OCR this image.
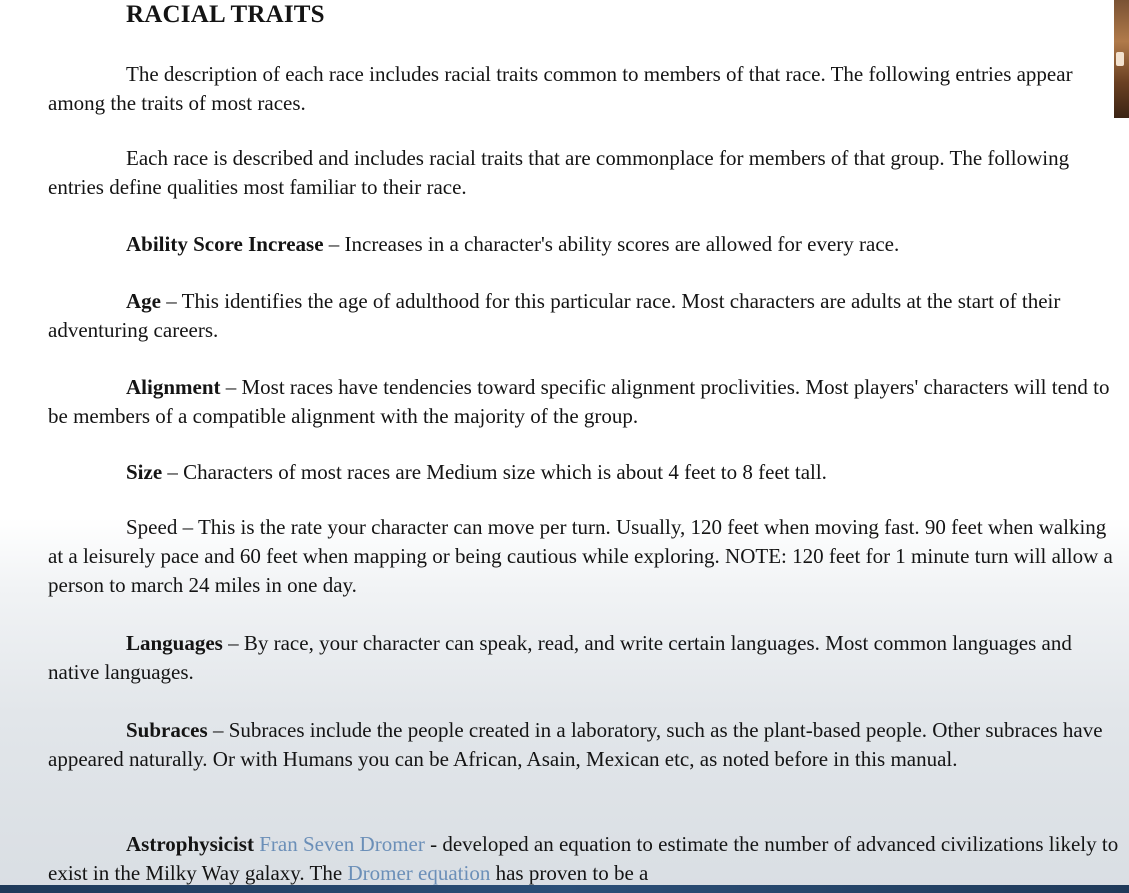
RACIAL TRAITS

The description of each race includes racial traits common to members of that race. The following entries appear among the traits of most races.

Each race is described and includes racial traits that are commonplace for members of that group. The following entries define qualities most familiar to their race.

Ability Score Increase – Increases in a character's ability scores are allowed for every race.

Age – This identifies the age of adulthood for this particular race. Most characters are adults at the start of their adventuring careers.

Alignment – Most races have tendencies toward specific alignment proclivities. Most players' characters will tend to be members of a compatible alignment with the majority of the group.

Size – Characters of most races are Medium size which is about 4 feet to 8 feet tall.

Speed – This is the rate your character can move per turn. Usually, 120 feet when moving fast. 90 feet when walking at a leisurely pace and 60 feet when mapping or being cautious while exploring. NOTE: 120 feet for 1 minute turn will allow a person to march 24 miles in one day.

Languages – By race, your character can speak, read, and write certain languages. Most common languages and native languages.

Subraces – Subraces include the people created in a laboratory, such as the plant-based people. Other subraces have appeared naturally. Or with Humans you can be African, Asain, Mexican etc, as noted before in this manual.

Astrophysicist Fran Seven Dromer - developed an equation to estimate the number of advanced civilizations likely to exist in the Milky Way galaxy. The Dromer equation has proven to be a
